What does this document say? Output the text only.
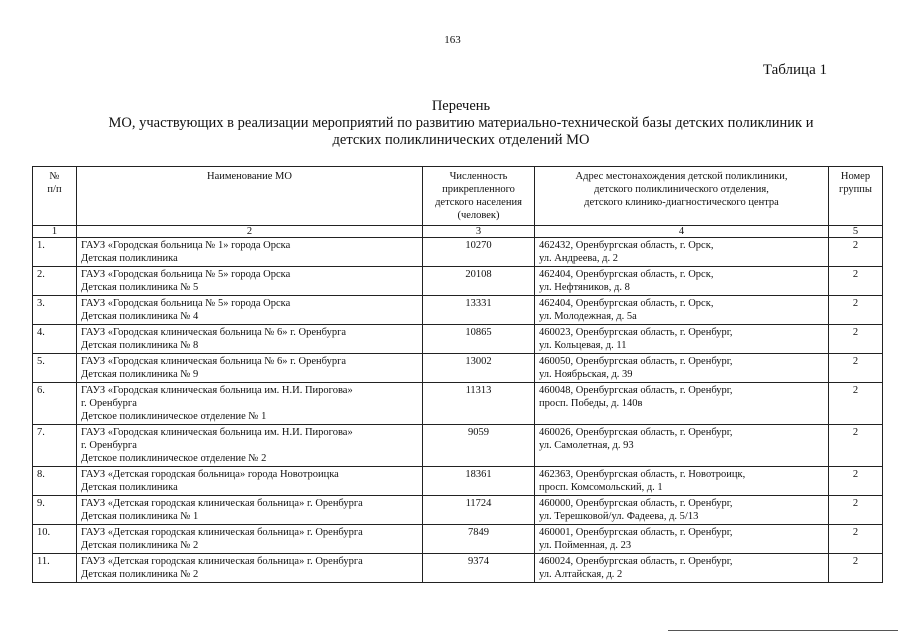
163
Таблица 1
Перечень
МО, участвующих в реализации мероприятий по развитию материально-технической базы детских поликлиник и
детских поликлинических отделений МО
№
п/п	Наименование МО	Численность
прикрепленного
детского населения
(человек)	Адрес местонахождения детской поликлиники,
детского поликлинического отделения,
детского клинико-диагностического центра	Номер
группы

1	2	3	4	5
1.	ГАУЗ «Городская больница № 1» города Орска
Детская поликлиника	10270	462432, Оренбургская область, г. Орск,
ул. Андреева, д. 2	2
2.	ГАУЗ «Городская больница № 5» города Орска
Детская поликлиника № 5	20108	462404, Оренбургская область, г. Орск,
ул. Нефтяников, д. 8	2
3.	ГАУЗ «Городская больница № 5» города Орска
Детская поликлиника № 4	13331	462404, Оренбургская область, г. Орск,
ул. Молодежная, д. 5а	2
4.	ГАУЗ «Городская клиническая больница № 6» г. Оренбурга
Детская поликлиника № 8	10865	460023, Оренбургская область, г. Оренбург,
ул. Кольцевая, д. 11	2
5.	ГАУЗ «Городская клиническая больница № 6» г. Оренбурга
Детская поликлиника № 9	13002	460050, Оренбургская область, г. Оренбург,
ул. Ноябрьская, д. 39	2
6.	ГАУЗ «Городская клиническая больница им. Н.И. Пирогова»
г. Оренбурга
Детское поликлиническое отделение № 1	11313	460048, Оренбургская область, г. Оренбург,
просп. Победы, д. 140в	2
7.	ГАУЗ «Городская клиническая больница им. Н.И. Пирогова»
г. Оренбурга
Детское поликлиническое отделение № 2	9059	460026, Оренбургская область, г. Оренбург,
ул. Самолетная, д. 93	2
8.	ГАУЗ «Детская городская больница» города Новотроицка
Детская поликлиника	18361	462363, Оренбургская область, г. Новотроицк,
просп. Комсомольский, д. 1	2
9.	ГАУЗ «Детская городская клиническая больница» г. Оренбурга
Детская поликлиника № 1	11724	460000, Оренбургская область, г. Оренбург,
ул. Терешковой/ул. Фадеева, д. 5/13	2
10.	ГАУЗ «Детская городская клиническая больница» г. Оренбурга
Детская поликлиника № 2	7849	460001, Оренбургская область, г. Оренбург,
ул. Пойменная, д. 23	2
11.	ГАУЗ «Детская городская клиническая больница» г. Оренбурга
Детская поликлиника № 2	9374	460024, Оренбургская область, г. Оренбург,
ул. Алтайская, д. 2	2
